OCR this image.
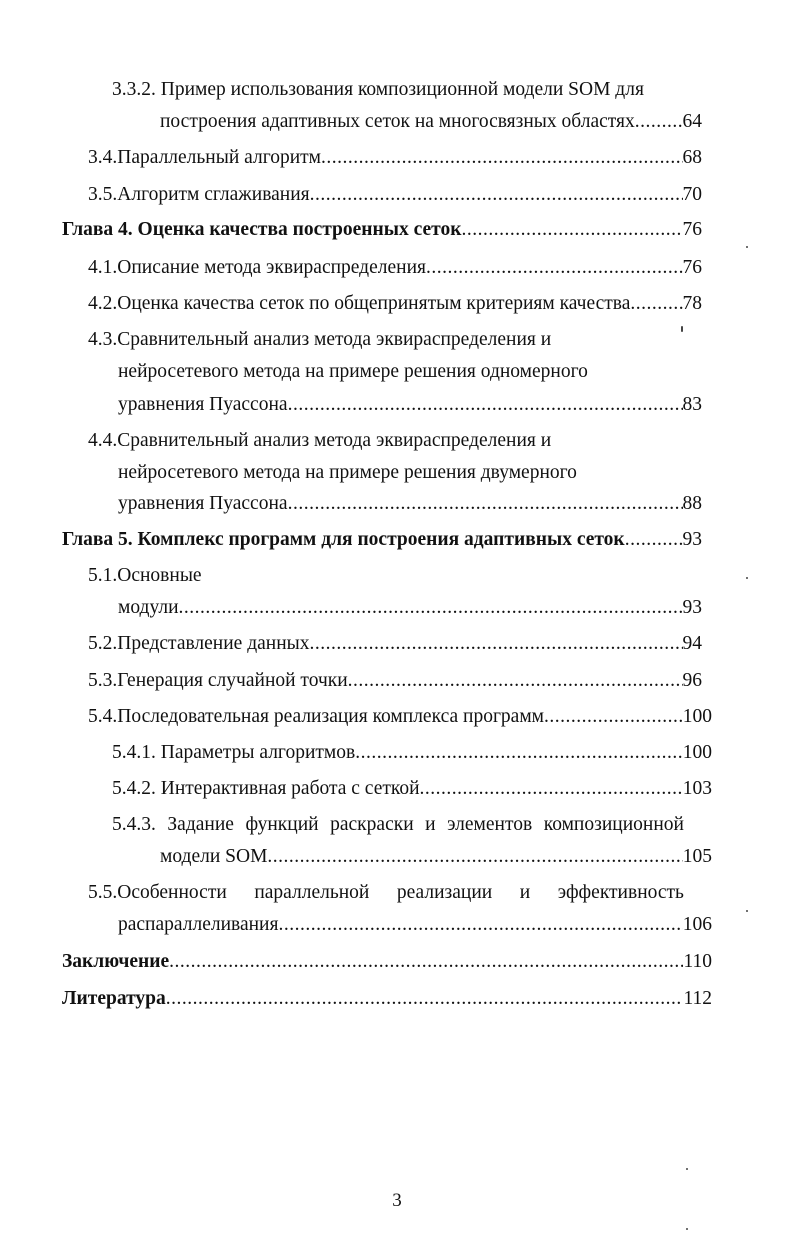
3.3.2. Пример использования композиционной модели SOM для
построения адаптивных сеток на многосвязных областях ..... 64
3.4.Параллельный алгоритм .....	68
3.5.Алгоритм сглаживания .....	70
Глава 4. Оценка качества построенных сеток .....	76
4.1.Описание метода эквираспределения .....	76
4.2.Оценка качества сеток по общепринятым критериям качества .....	78
4.3.Сравнительный анализ метода эквираспределения и
нейросетевого метода на примере решения одномерного
уравнения Пуассона .....	83
4.4.Сравнительный анализ метода эквираспределения и
нейросетевого метода на примере решения двумерного
уравнения Пуассона .....	88
Глава 5. Комплекс программ для построения адаптивных сеток .....	93
5.1.Основные
модули .....	93
5.2.Представление данных .....	94
5.3.Генерация случайной точки .....	96
5.4.Последовательная реализация комплекса программ .....	100
5.4.1. Параметры алгоритмов .....	100
5.4.2. Интерактивная работа с сеткой .....	103
5.4.3. Задание функций раскраски и элементов композиционной
модели SOM .....	105
5.5.Особенности параллельной реализации и эффективность
распараллеливания .....	106
Заключение .....	110
Литература .....	112
3
